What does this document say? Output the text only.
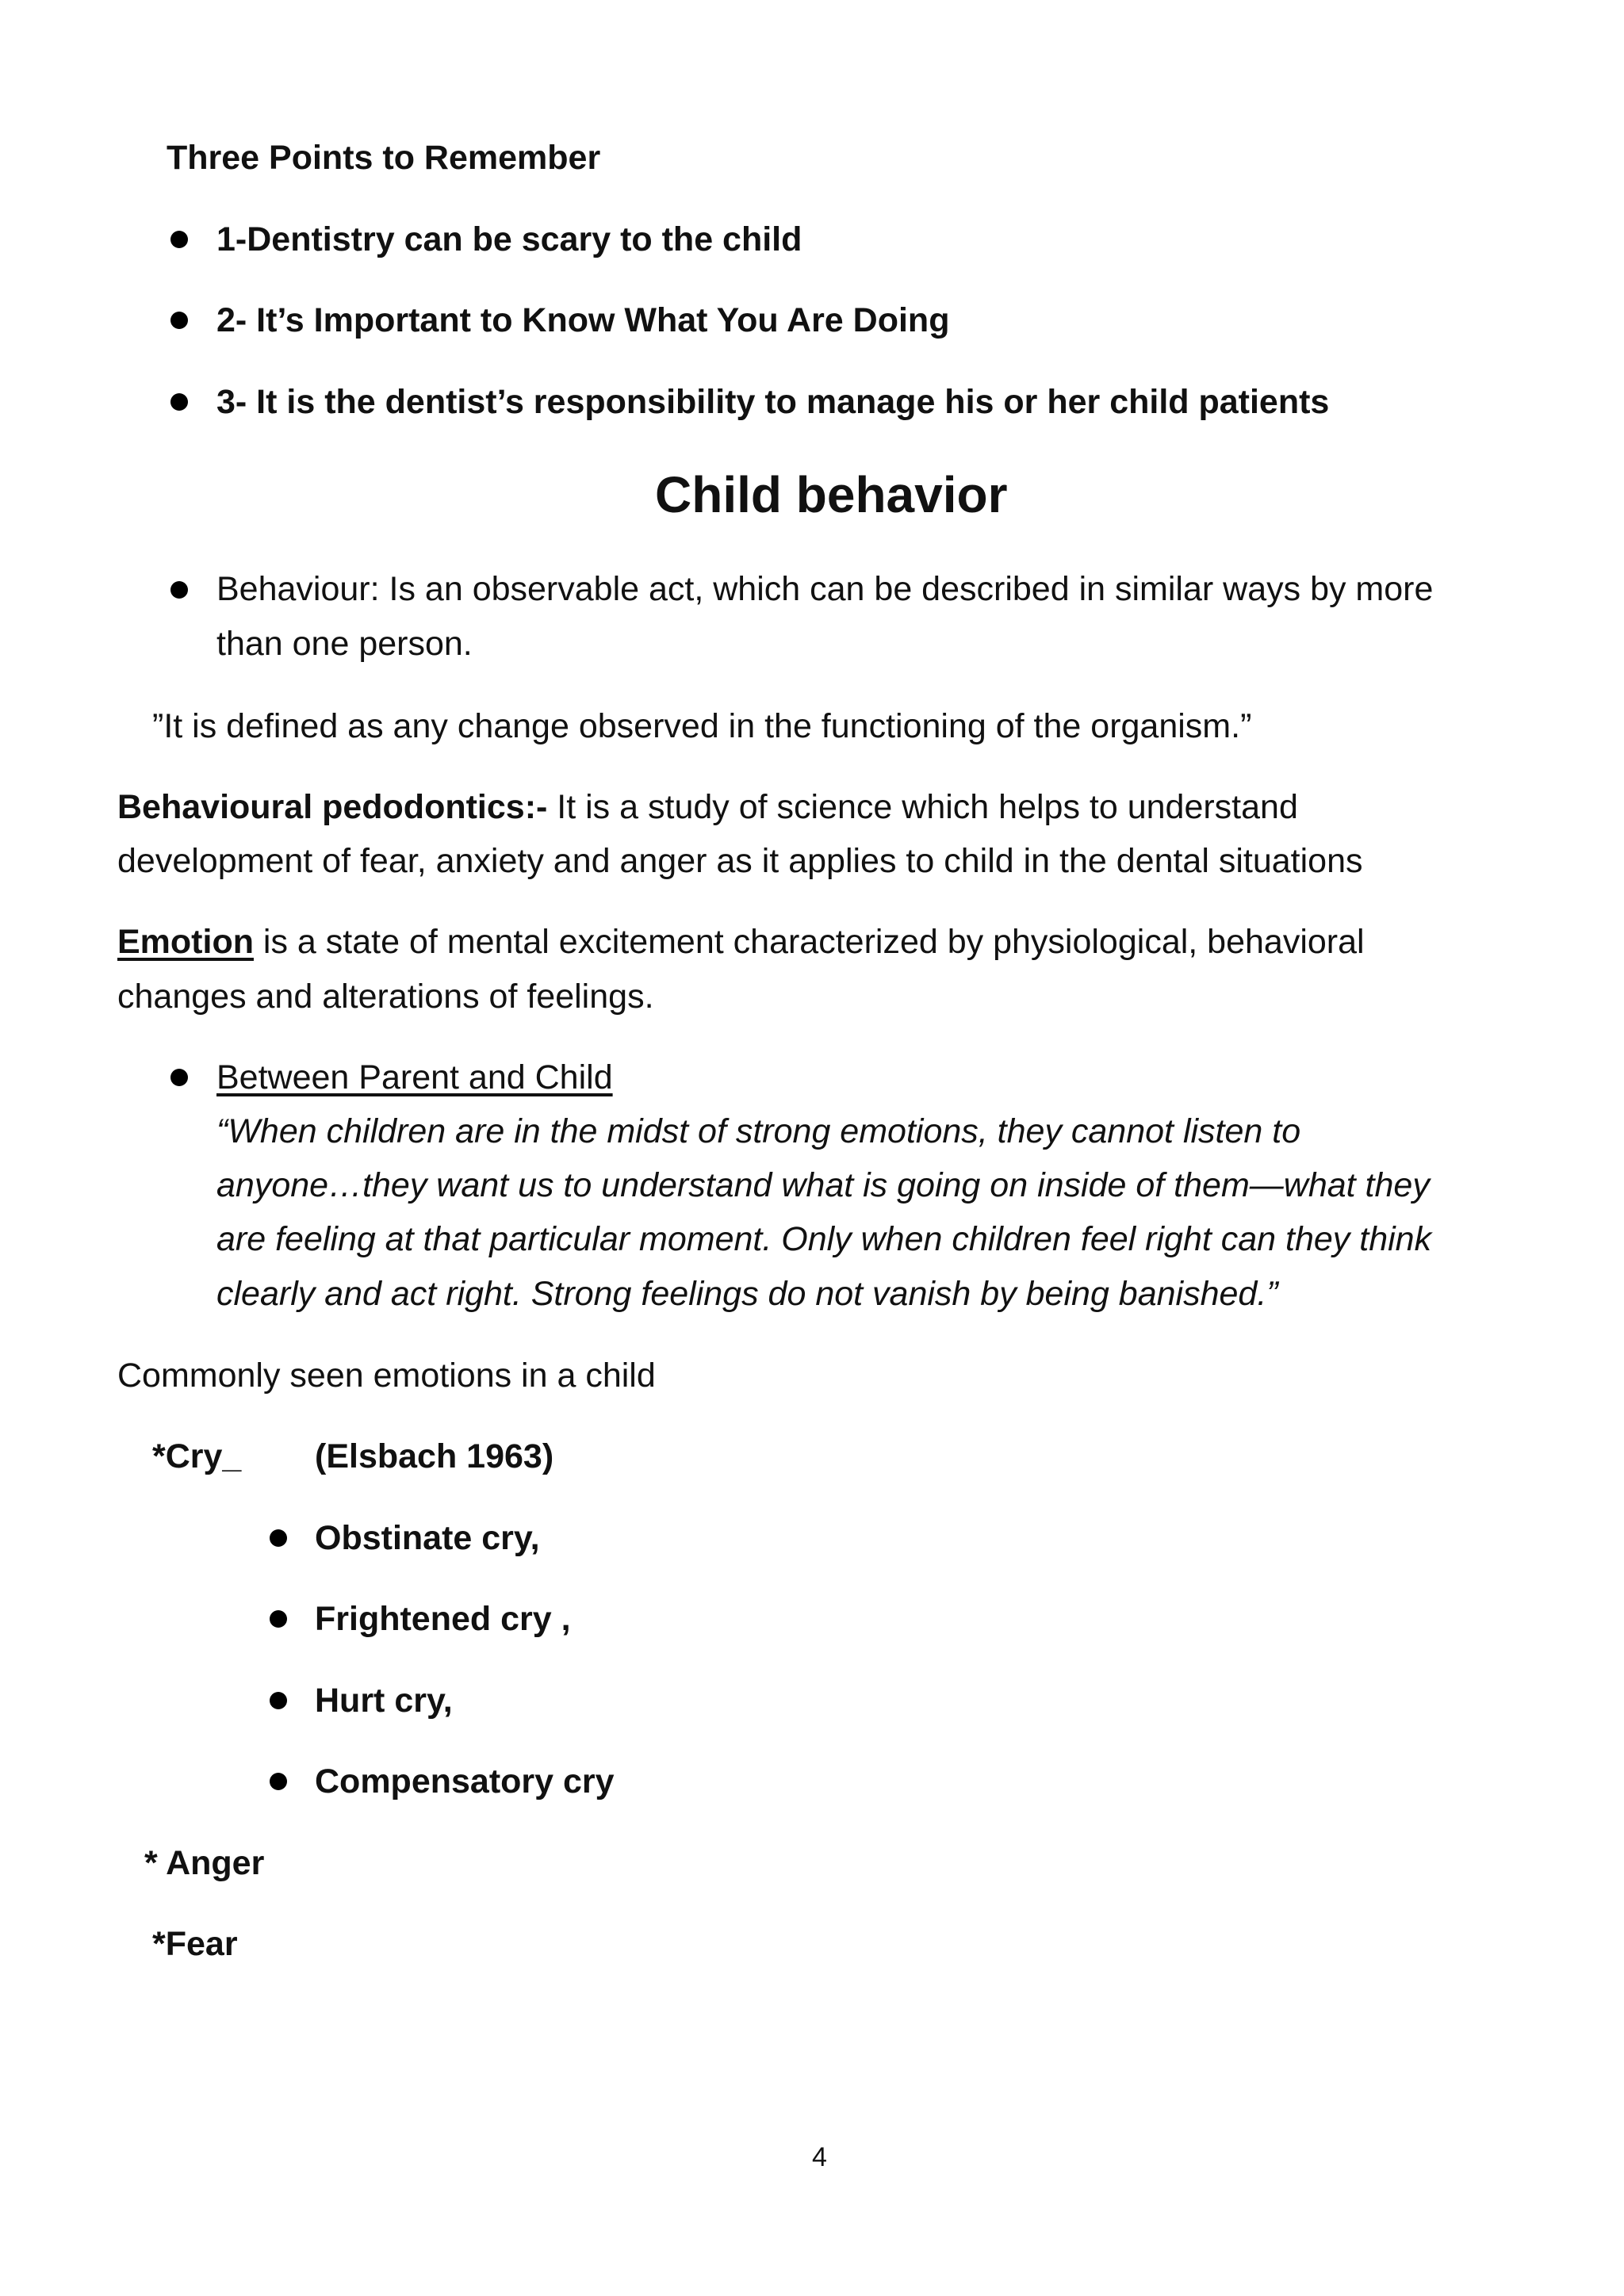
Three Points to Remember
1-Dentistry can be scary to the child
2- It’s Important to Know What You Are Doing
3- It is the dentist’s responsibility to manage his or her child patients
Child behavior
Behaviour: Is an observable act, which can be described in similar ways by more
than one person.
”It is defined as any change observed in the functioning of the organism.”
Behavioural pedodontics:- It is a study of science which helps to understand
development of fear, anxiety and anger as it applies to child in the dental situations
Emotion is a state of mental excitement characterized by physiological, behavioral
changes and alterations of feelings.
Between Parent and Child
“When children are in the midst of strong emotions, they cannot listen to
anyone…they want us to understand what is going on inside of them—what they
are feeling at that particular moment. Only when children feel right can they think
clearly and act right. Strong feelings do not vanish by being banished.”
Commonly seen emotions in a child
*Cry_ (Elsbach 1963)
Obstinate cry,
Frightened cry ,
Hurt cry,
Compensatory cry
* Anger
*Fear
4
